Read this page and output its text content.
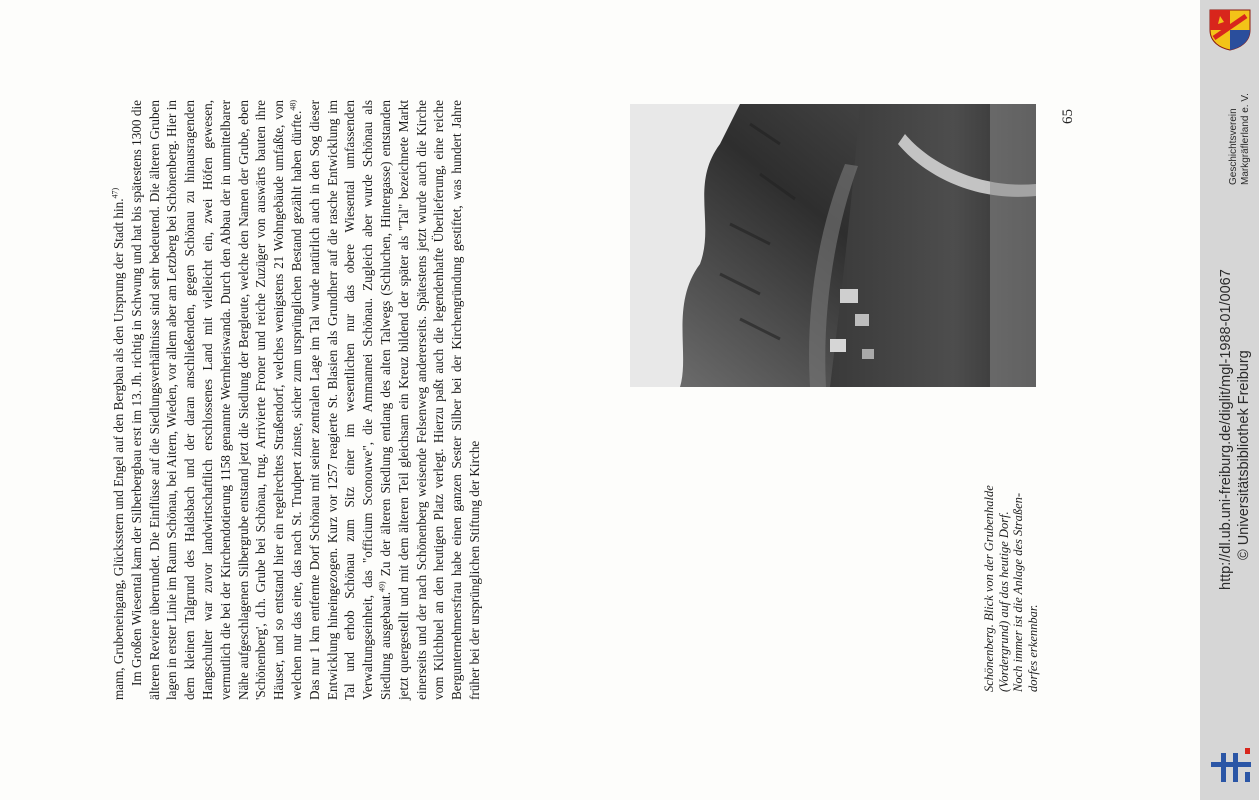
mann, Grubeneingang, Glücksstern und Engel auf den Bergbau als den Ursprung der Stadt hin.$^{47)}$ Im Großen Wiesental kam der Silberbergbau erst im 13. Jh. richtig in Schwung und hat bis spätestens 1300 die älteren Reviere überrundet. Die Einflüsse auf die Siedlungsverhältnisse sind sehr bedeutend. Die älteren Gruben lagen in erster Linie im Raum Schönau, bei Aitern, Wieden, vor allem aber am Letzberg bei Schönenberg. Hier in dem kleinen Talgrund des Haldsbach und der daran anschließenden, gegen Schönau zu hinausragenden Hangschulter war zuvor landwirtschaftlich erschlossenes Land mit vielleicht ein, zwei Höfen gewesen, vermutlich die bei der Kirchendotierung 1158 genannte Wernheriswanda. Durch den Abbau der in unmittelbarer Nähe aufgeschlagenen Silbergrube entstand jetzt die Siedlung der Bergleute, welche den Namen der Grube, eben 'Schönenberg', d.h. Grube bei Schönau, trug. Arrivierte Froner und reiche Zuzüger von auswärts bauten ihre Häuser, und so entstand hier ein regelrechtes Straßendorf, welches wenigstens 21 Wohngebäude umfaßte, von welchen nur das eine, das nach St. Trudpert zinste, sicher zum ursprünglichen Bestand gezählt haben dürfte.$^{48)}$ Das nur 1 km entfernte Dorf Schönau mit seiner zentralen Lage im Tal wurde natürlich auch in den Sog dieser Entwicklung hineingezogen. Kurz vor 1257 reagierte St. Blasien als Grundherr auf die rasche Entwicklung im Tal und erhob Schönau zum Sitz einer im wesentlichen nur das obere Wiesental umfassenden Verwaltungseinheit, das "officium Sconouwe", die Ammannei Schönau. Zugleich aber wurde Schönau als Siedlung ausgebaut.$^{49)}$ Zu der älteren Siedlung entlang des alten Talwegs (Schluchen, Hintergasse) entstanden jetzt quergestellt und mit dem älteren Teil gleichsam ein Kreuz bildend der später als "Tal" bezeichnete Markt einerseits und der nach Schönenberg weisende Felsenweg andererseits. Spätestens jetzt wurde auch die Kirche vom Kilchbuel an den heutigen Platz verlegt. Hierzu paßt auch die legendenhafte Überlieferung, eine reiche Bergunternehmersfrau habe einen ganzen Sester Silber bei der Kirchengründung gestiftet, was hundert Jahre früher bei der ursprünglichen Stiftung der Kirche	Schönenberg. Blick von der Grubenhalde (Vordergrund) auf das heutige Dorf. Noch immer ist die Anlage des Straßen- dorfes erkennbar.
65	Geschichtsverein Markgräflerland e. V.
http://dl.ub.uni-freiburg.de/diglit/mgl-1988-01/0067 © Universitätsbibliothek Freiburg
